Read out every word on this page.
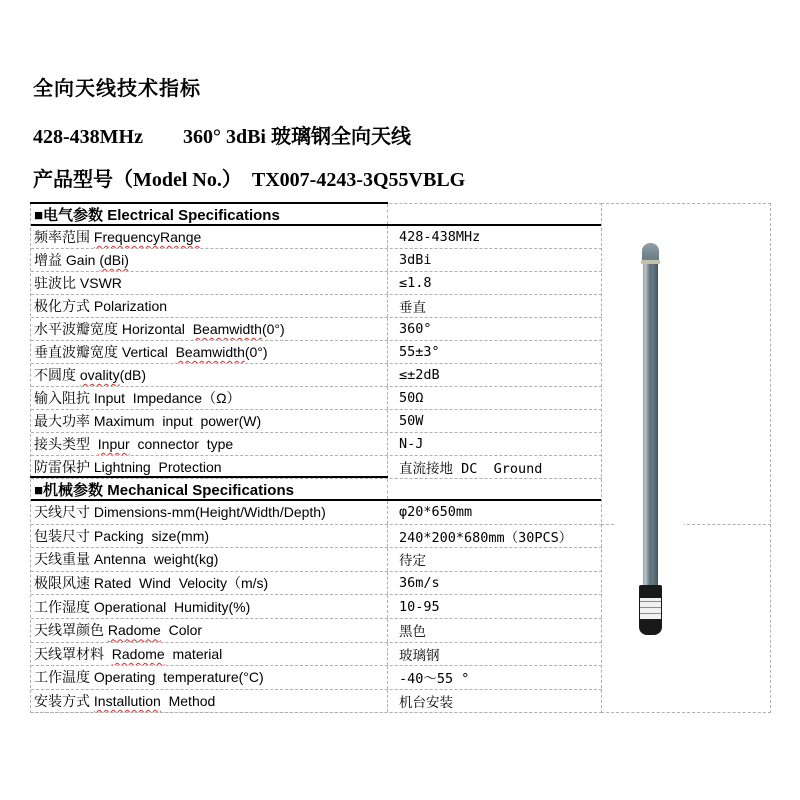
全向天线技术指标
428-438MHz　　360° 3dBi 玻璃钢全向天线
产品型号（Model No.）  TX007-4243-3Q55VBLG
■电气参数 Electrical Specifications
频率范围 FrequencyRange	428-438MHz
增益 Gain (dBi)	3dBi
驻波比 VSWR	≤1.8
极化方式 Polarization	垂直
水平波瓣宽度 Horizontal Beamwidth (0°)	360°
垂直波瓣宽度 Vertical Beamwidth (0°)	55±3°
不圆度 ovality (dB)	≤±2dB
输入阻抗 Input  Impedance（Ω）	50Ω
最大功率 Maximum  input  power(W)	50W
接头类型 Inpur connector  type	N-J
防雷保护 Lightning  Protection	直流接地 DC  Ground
■机械参数 Mechanical Specifications
天线尺寸 Dimensions-mm(Height/Width/Depth)	φ20*650mm
包装尺寸 Packing  size(mm)	240*200*680mm（30PCS）
天线重量 Antenna  weight(kg)	待定
极限风速 Rated  Wind  Velocity（m/s)	36m/s
工作湿度 Operational  Humidity(%)	10-95
天线罩颜色 Radome Color	黑色
天线罩材料 Radome material	玻璃钢
工作温度 Operating  temperature(°C)	-40～55 °
安装方式 Installution Method	机台安装
